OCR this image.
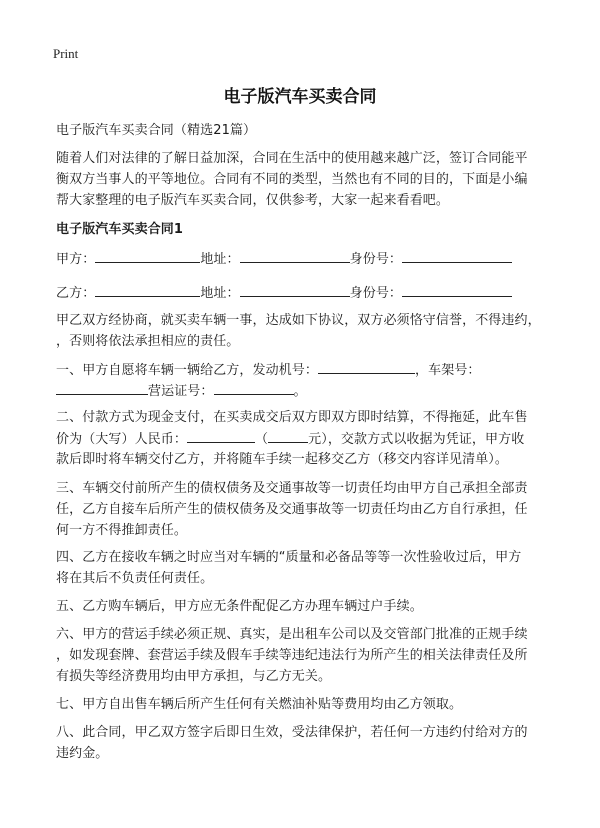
Print
电子版汽车买卖合同
电子版汽车买卖合同（精选21篇）
随着人们对法律的了解日益加深，合同在生活中的使用越来越广泛，签订合同能平
衡双方当事人的平等地位。合同有不同的类型，当然也有不同的目的，下面是小编
帮大家整理的电子版汽车买卖合同，仅供参考，大家一起来看看吧。
电子版汽车买卖合同1
甲方：	地址：	身份号：
乙方：	地址：	身份号：
甲乙双方经协商，就买卖车辆一事，达成如下协议，双方必须恪守信誉，不得违约，
，否则将依法承担相应的责任。
一、甲方自愿将车辆一辆给乙方，发动机号：	，车架号：
营运证号：	。
二、付款方式为现金支付，在买卖成交后双方即双方即时结算，不得拖延，此车售
价为（大写）人民币：	（	元），交款方式以收据为凭证，甲方收
款后即时将车辆交付乙方，并将随车手续一起移交乙方（移交内容详见清单）。
三、车辆交付前所产生的债权债务及交通事故等一切责任均由甲方自己承担全部责
任，乙方自接车后所产生的债权债务及交通事故等一切责任均由乙方自行承担，任
何一方不得推卸责任。
四、乙方在接收车辆之时应当对车辆的“质量和必备品等等一次性验收过后，甲方
将在其后不负责任何责任。
五、乙方购车辆后，甲方应无条件配促乙方办理车辆过户手续。
六、甲方的营运手续必须正规、真实，是出租车公司以及交管部门批准的正规手续
，如发现套牌、套营运手续及假车手续等违纪违法行为所产生的相关法律责任及所
有损失等经济费用均由甲方承担，与乙方无关。
七、甲方自出售车辆后所产生任何有关燃油补贴等费用均由乙方领取。
八、此合同，甲乙双方签字后即日生效，受法律保护，若任何一方违约付给对方的
违约金。
